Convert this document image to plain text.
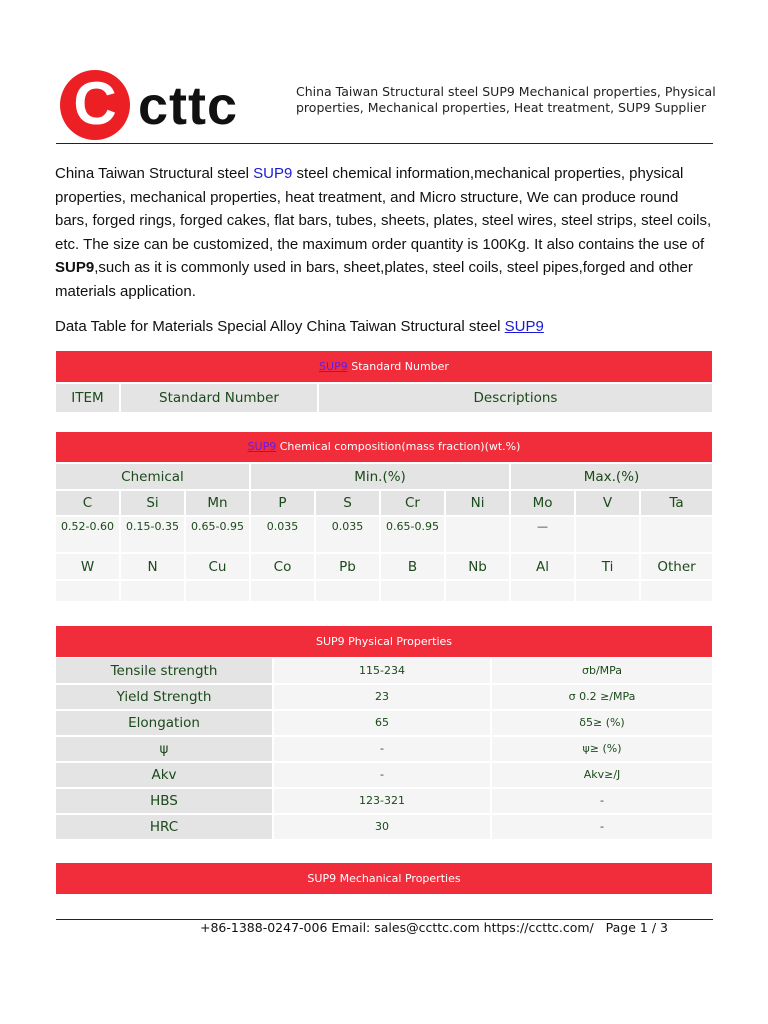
C cttc	China Taiwan Structural steel SUP9 Mechanical properties, Physical properties, Mechanical properties, Heat treatment, SUP9 Supplier
China Taiwan Structural steel SUP9 steel chemical information,mechanical properties, physical properties, mechanical properties, heat treatment, and Micro structure, We can produce round bars, forged rings, forged cakes, flat bars, tubes, sheets, plates, steel wires, steel strips, steel coils, etc. The size can be customized, the maximum order quantity is 100Kg. It also contains the use of SUP9,such as it is commonly used in bars, sheet,plates, steel coils, steel pipes,forged and other materials application.
Data Table for Materials Special Alloy China Taiwan Structural steel SUP9
SUP9 Standard Number
ITEM	Standard Number	Descriptions
SUP9 Chemical composition(mass fraction)(wt.%)
Chemical			Min.(%)				Max.(%)		
C	Si	Mn	P	S	Cr	Ni	Mo	V	Ta
0.52-0.60	0.15-0.35	0.65-0.95	0.035	0.035	0.65-0.95		—		
W	N	Cu	Co	Pb	B	Nb	Al	Ti	Other

SUP9 Physical Properties
Tensile strength	115-234	σb/MPa
Yield Strength	23	σ 0.2 ≥/MPa
Elongation	65	δ5≥ (%)
ψ	-	ψ≥ (%)
Akv	-	Akv≥/J
HBS	123-321	-
HRC	30	-
SUP9 Mechanical Properties
+86-1388-0247-006 Email: sales@ccttc.com https://ccttc.com/ Page 1 / 3
